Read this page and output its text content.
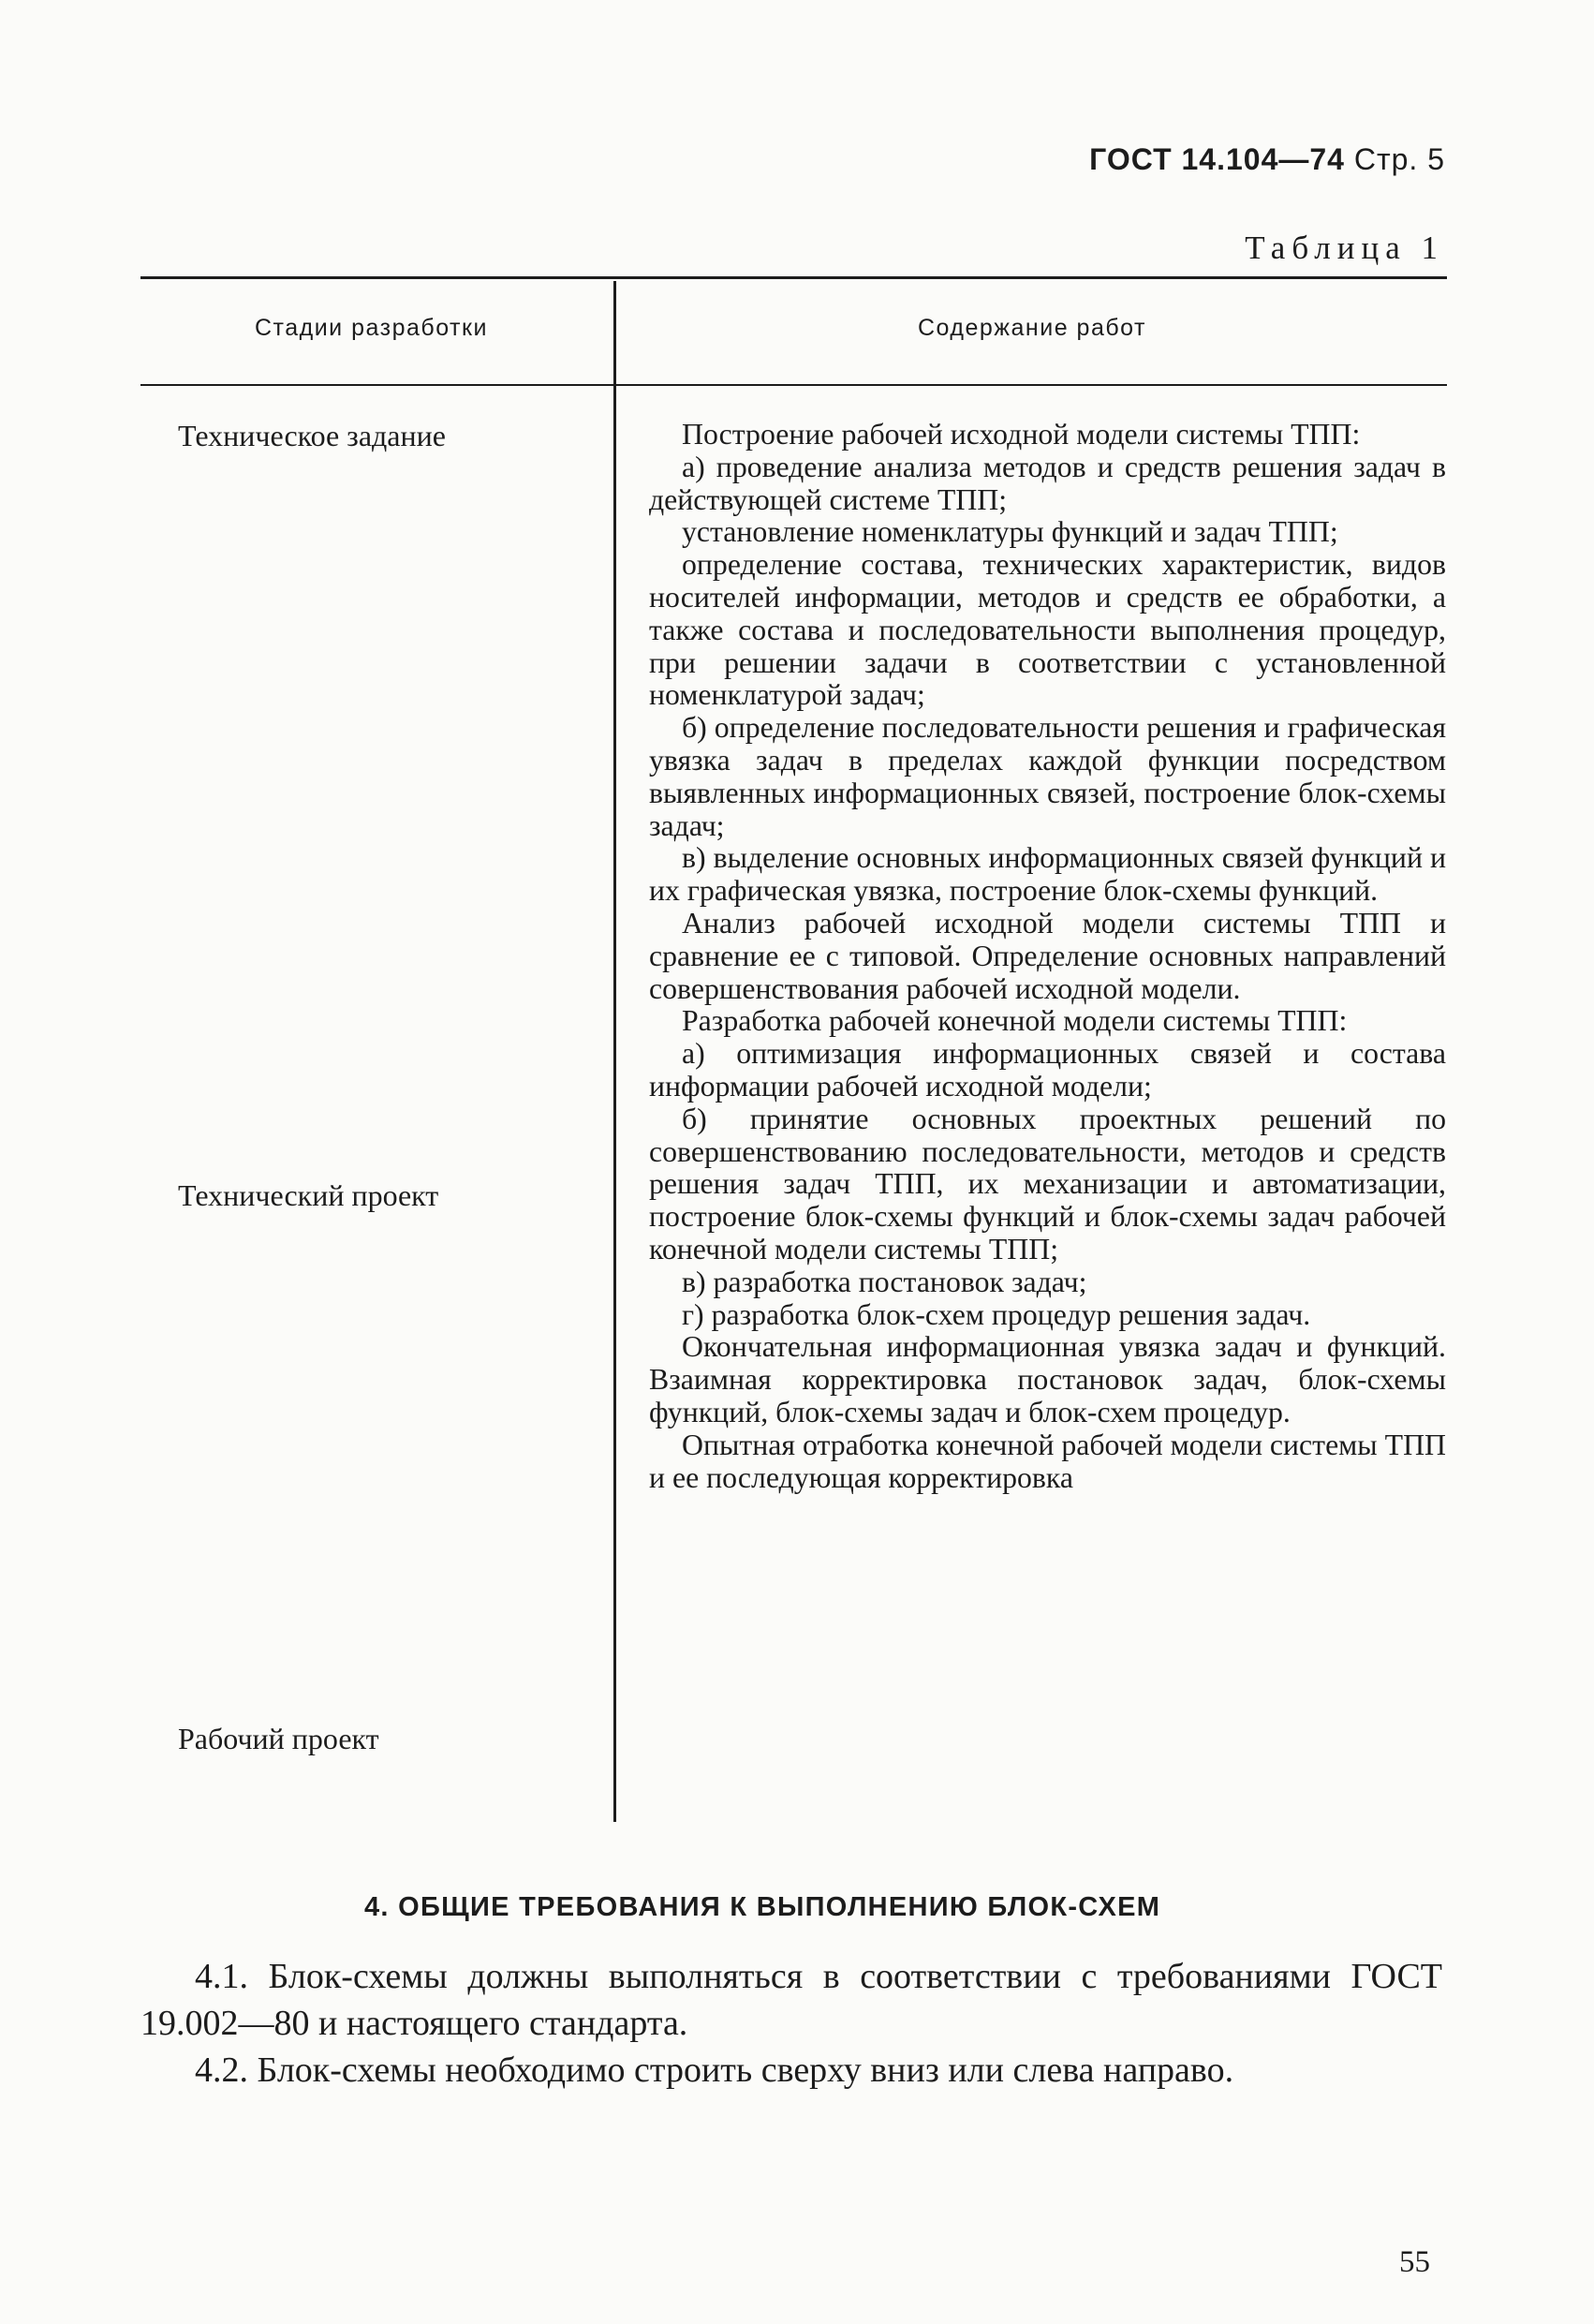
ГОСТ 14.104—74 Стр. 5
Таблица 1
Стадии разработки	Содержание работ
Техническое задание
Технический проект
Рабочий проект

Построение рабочей исходной модели системы ТПП:

а) проведение анализа методов и средств решения задач в действующей системе ТПП;

установление номенклатуры функций и задач ТПП;

определение состава, технических характеристик, видов носителей информации, методов и средств ее обработки, а также состава и последовательности выполнения процедур, при решении задачи в соответствии с установленной номенклатурой задач;

б) определение последовательности решения и графическая увязка задач в пределах каждой функции посредством выявленных информационных связей, построение блок-схемы задач;

в) выделение основных информационных связей функций и их графическая увязка, построение блок-схемы функций.

Анализ рабочей исходной модели системы ТПП и сравнение ее с типовой. Определение основных направлений совершенствования рабочей исходной модели.

Разработка рабочей конечной модели системы ТПП:

а) оптимизация информационных связей и состава информации рабочей исходной модели;

б) принятие основных проектных решений по совершенствованию последовательности, методов и средств решения задач ТПП, их механизации и автоматизации, построение блок-схемы функций и блок-схемы задач рабочей конечной модели системы ТПП;

в) разработка постановок задач;

г) разработка блок-схем процедур решения задач.

Окончательная информационная увязка задач и функций. Взаимная корректировка постановок задач, блок-схемы функций, блок-схемы задач и блок-схем процедур.

Опытная отработка конечной рабочей модели системы ТПП и ее последующая корректировка

4. ОБЩИЕ ТРЕБОВАНИЯ К ВЫПОЛНЕНИЮ БЛОК-СХЕМ

4.1. Блок-схемы должны выполняться в соответствии с требованиями ГОСТ 19.002—80 и настоящего стандарта.

4.2. Блок-схемы необходимо строить сверху вниз или слева направо.

55
